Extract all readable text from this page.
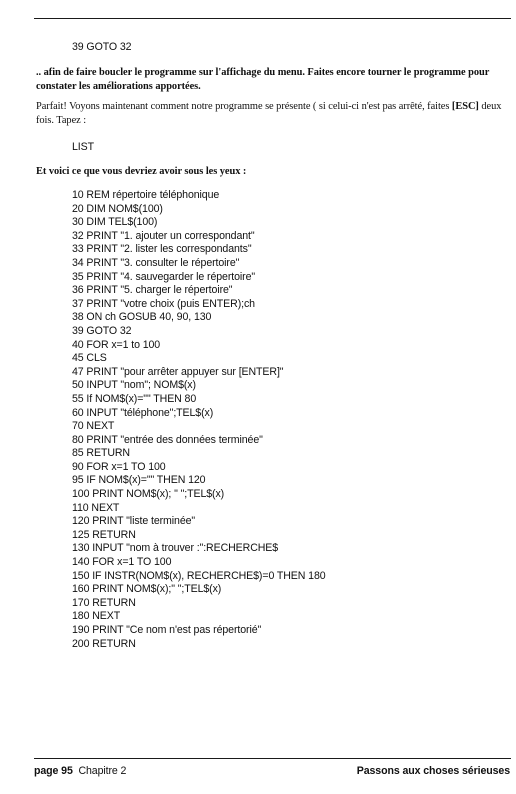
39 GOTO 32

.. afin de faire boucler le programme sur l'affichage du menu. Faites encore tourner le programme pour constater les améliorations apportées.

Parfait! Voyons maintenant comment notre programme se présente ( si celui-ci n'est pas arrêté, faites [ESC] deux fois. Tapez :

LIST

Et voici ce que vous devriez avoir sous les yeux :

10 REM répertoire téléphonique
20 DIM NOM$(100)
30 DIM TEL$(100)
32 PRINT "1. ajouter un correspondant"
33 PRINT "2. lister les correspondants"
34 PRINT "3. consulter le répertoire"
35 PRINT "4. sauvegarder le répertoire"
36 PRINT "5. charger le répertoire"
37 PRINT "votre choix (puis ENTER);ch
38 ON ch GOSUB 40, 90, 130
39 GOTO 32
40 FOR x=1 to 100
45 CLS
47 PRINT "pour arrêter appuyer sur [ENTER]"
50 INPUT "nom"; NOM$(x)
55 If NOM$(x)="" THEN 80
60 INPUT "téléphone";TEL$(x)
70 NEXT
80 PRINT "entrée des données terminée"
85 RETURN
90 FOR x=1 TO 100
95 IF NOM$(x)="" THEN 120
100 PRINT NOM$(x); " ";TEL$(x)
110 NEXT
120 PRINT "liste terminée"
125 RETURN
130 INPUT "nom à trouver :":RECHERCHE$
140 FOR x=1 TO 100
150 IF INSTR(NOM$(x), RECHERCHE$)=0 THEN 180
160 PRINT NOM$(x);" ";TEL$(x)
170 RETURN
180 NEXT
190 PRINT "Ce nom n'est pas répertorié"
200 RETURN
page 95 Chapitre 2	Passons aux choses sérieuses
